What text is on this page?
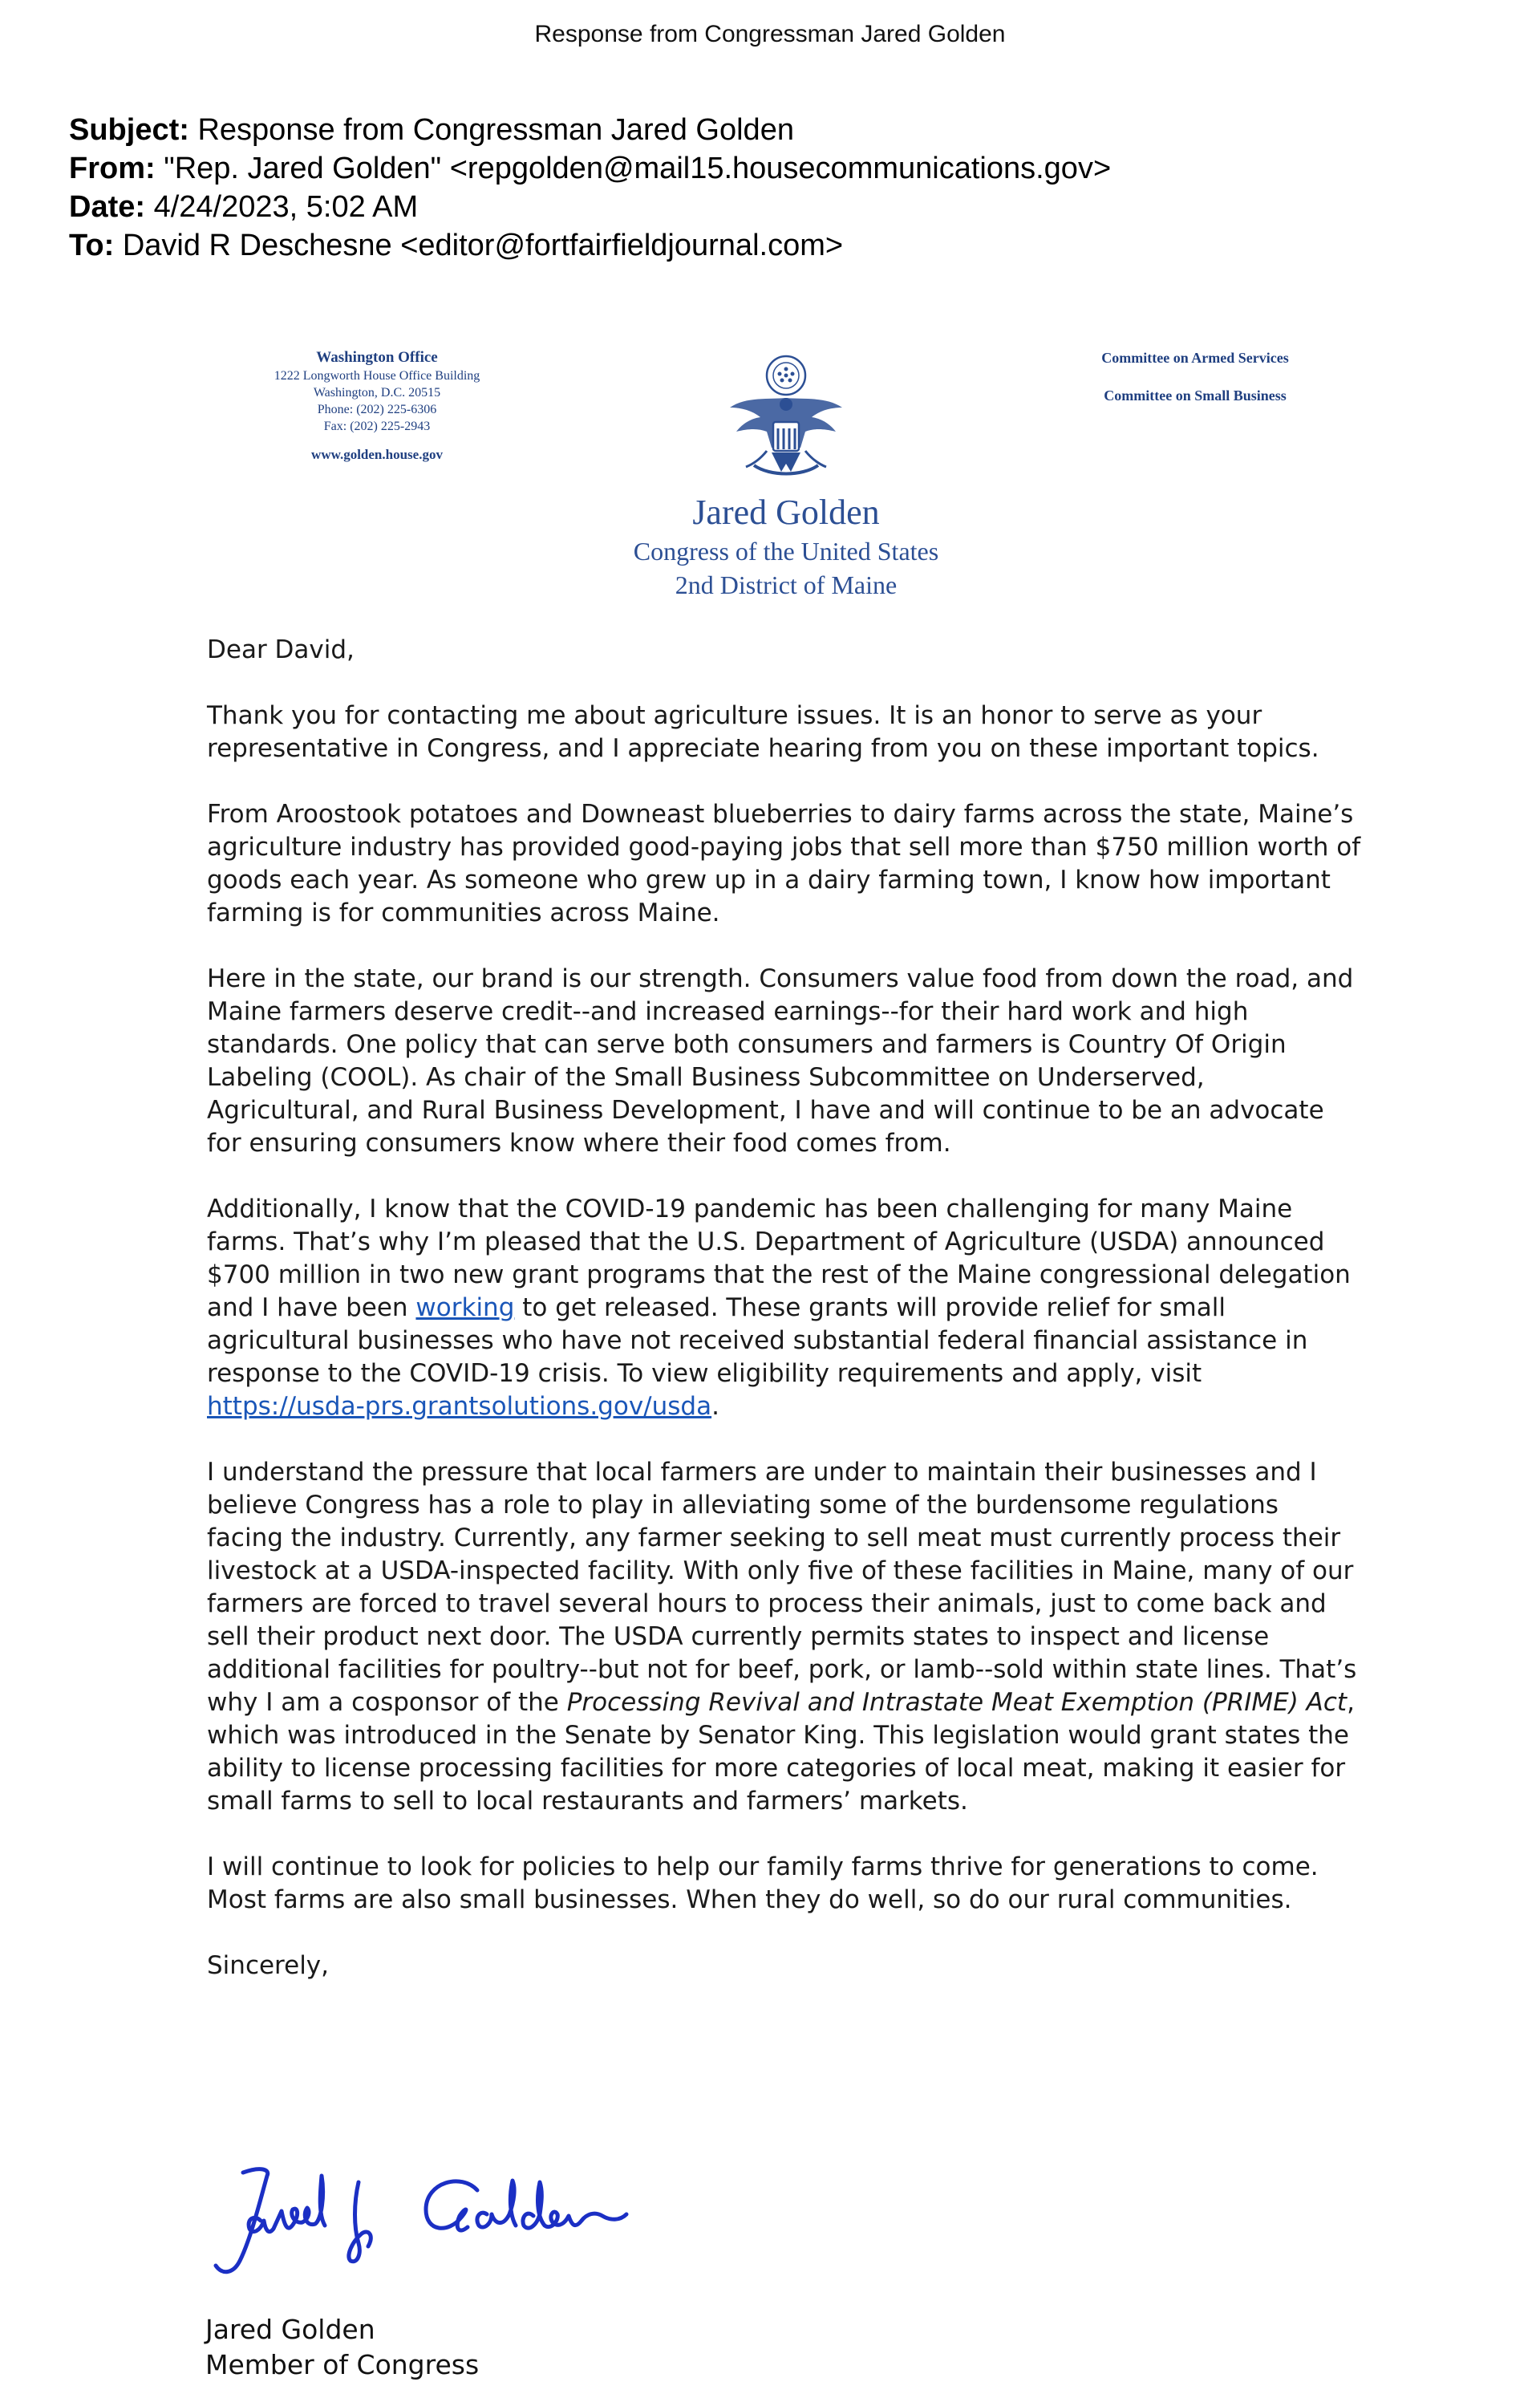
Response from Congressman Jared Golden
Subject: Response from Congressman Jared Golden
From: "Rep. Jared Golden" <repgolden@mail15.housecommunications.gov>
Date: 4/24/2023, 5:02 AM
To: David R Deschesne <editor@fortfairfieldjournal.com>
Washington Office
1222 Longworth House Office Building
Washington, D.C. 20515
Phone: (202) 225-6306
Fax: (202) 225-2943
www.golden.house.gov
Committee on Armed Services
Committee on Small Business
Jared Golden
Congress of the United States
2nd District of Maine

Dear David,

Thank you for contacting me about agriculture issues. It is an honor to serve as your representative in Congress, and I appreciate hearing from you on these important topics.

From Aroostook potatoes and Downeast blueberries to dairy farms across the state, Maine’s agriculture industry has provided good-paying jobs that sell more than $750 million worth of goods each year. As someone who grew up in a dairy farming town, I know how important farming is for communities across Maine.

Here in the state, our brand is our strength. Consumers value food from down the road, and Maine farmers deserve credit--and increased earnings--for their hard work and high standards. One policy that can serve both consumers and farmers is Country Of Origin Labeling (COOL). As chair of the Small Business Subcommittee on Underserved, Agricultural, and Rural Business Development, I have and will continue to be an advocate for ensuring consumers know where their food comes from.

Additionally, I know that the COVID-19 pandemic has been challenging for many Maine farms. That’s why I’m pleased that the U.S. Department of Agriculture (USDA) announced $700 million in two new grant programs that the rest of the Maine congressional delegation and I have been working to get released. These grants will provide relief for small agricultural businesses who have not received substantial federal financial assistance in response to the COVID-19 crisis. To view eligibility requirements and apply, visit https://usda-prs.grantsolutions.gov/usda.

I understand the pressure that local farmers are under to maintain their businesses and I believe Congress has a role to play in alleviating some of the burdensome regulations facing the industry. Currently, any farmer seeking to sell meat must currently process their livestock at a USDA-inspected facility. With only five of these facilities in Maine, many of our farmers are forced to travel several hours to process their animals, just to come back and sell their product next door. The USDA currently permits states to inspect and license additional facilities for poultry--but not for beef, pork, or lamb--sold within state lines. That’s why I am a cosponsor of the Processing Revival and Intrastate Meat Exemption (PRIME) Act, which was introduced in the Senate by Senator King. This legislation would grant states the ability to license processing facilities for more categories of local meat, making it easier for small farms to sell to local restaurants and farmers’ markets.

I will continue to look for policies to help our family farms thrive for generations to come. Most farms are also small businesses. When they do well, so do our rural communities.

Sincerely,

Jared Golden
Member of Congress
